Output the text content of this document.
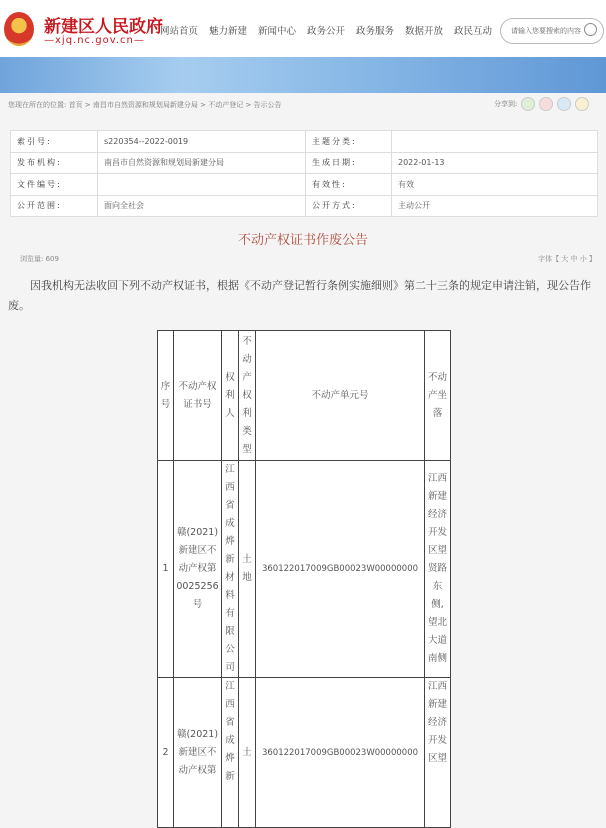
新建区人民政府
—xjq.nc.gov.cn—
网站首页	魅力新建	新闻中心	政务公开	政务服务	数据开放	政民互动	请输入您要搜索的内容
您现在所在的位置: 首页 > 南昌市自然资源和规划局新建分局 > 不动产登记 > 告示公告	分享到:
索引号:	s220354--2022-0019	主题分类:	
发布机构:	南昌市自然资源和规划局新建分局	生成日期:	2022-01-13
文件编号:		有效性:	有效
公开范围:	面向全社会	公开方式:	主动公开
不动产权证书作废公告
浏览量: 609	字体【 大 中 小 】
因我机构无法收回下列不动产权证书，根据《不动产登记暂行条例实施细则》第二十三条的规定申请注销，现公告作废。
序号	不动产权证书号	权利人	不动产权利类型	不动产单元号	不动产坐落

1	赣(2021)新建区不动产权第0025256号	江西省成烨新材料有限公司	土地	360122017009GB00023W00000000	江西新建经济开发区望贤路东侧,望北大道南侧

2	赣(2021)新建区不动产权第	江西省成烨新	土	360122017009GB00023W00000000	江西新建经济开发区望
